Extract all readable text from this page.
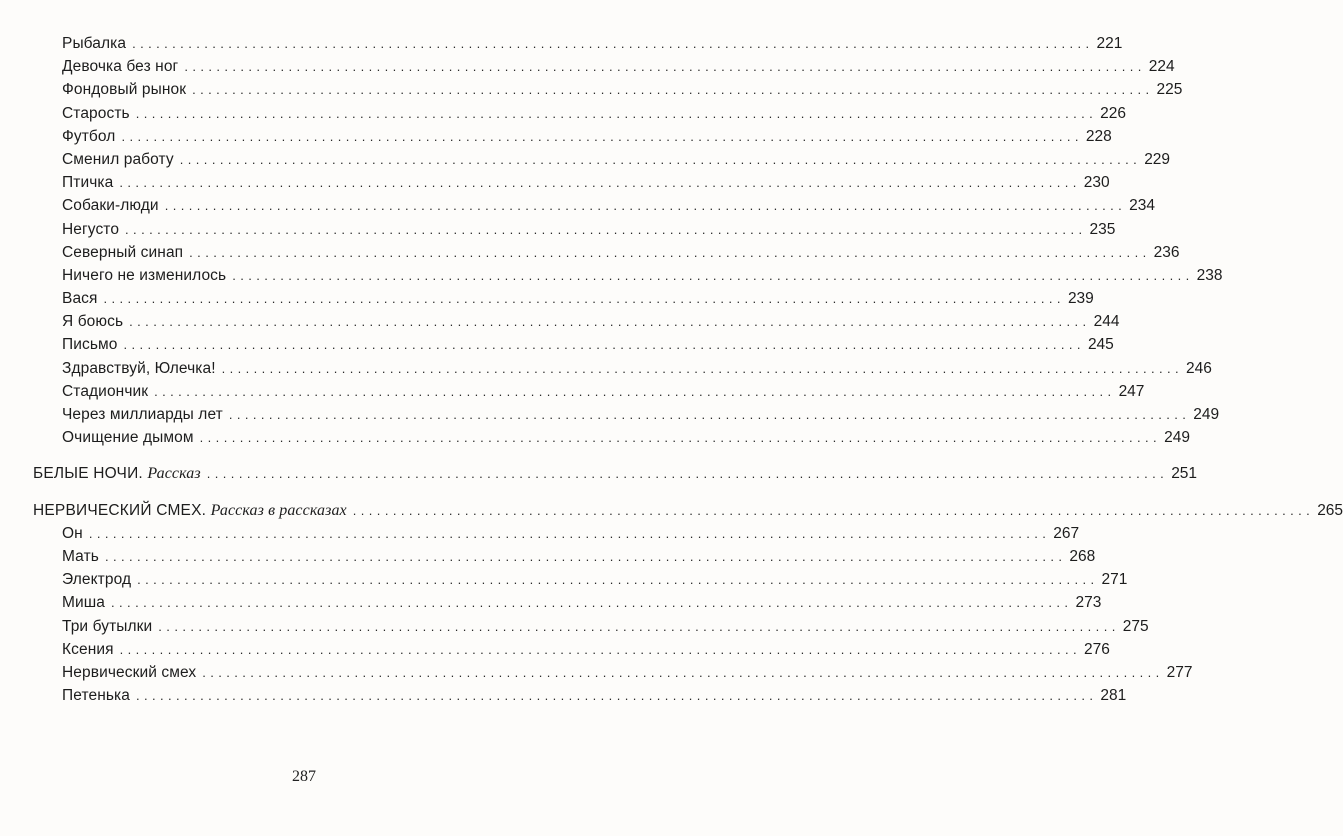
Рыбалка ........................................................................................................................ 221
Девочка без ног ........................................................................................................................ 224
Фондовый рынок ........................................................................................................................ 225
Старость ........................................................................................................................ 226
Футбол ........................................................................................................................ 228
Сменил работу ........................................................................................................................ 229
Птичка ........................................................................................................................ 230
Собаки-люди ........................................................................................................................ 234
Негусто ........................................................................................................................ 235
Северный синап ........................................................................................................................ 236
Ничего не изменилось ........................................................................................................................ 238
Вася ........................................................................................................................ 239
Я боюсь ........................................................................................................................ 244
Письмо ........................................................................................................................ 245
Здравствуй, Юлечка! ........................................................................................................................ 246
Стадиончик ........................................................................................................................ 247
Через миллиарды лет ........................................................................................................................ 249
Очищение дымом ........................................................................................................................ 249
БЕЛЫЕ НОЧИ. Рассказ ........................................................................................................................ 251
НЕРВИЧЕСКИЙ СМЕХ. Рассказ в рассказах ........................................................................................................................ 265
Он ........................................................................................................................ 267
Мать ........................................................................................................................ 268
Электрод ........................................................................................................................ 271
Миша ........................................................................................................................ 273
Три бутылки ........................................................................................................................ 275
Ксения ........................................................................................................................ 276
Нервический смех ........................................................................................................................ 277
Петенька ........................................................................................................................ 281
287
